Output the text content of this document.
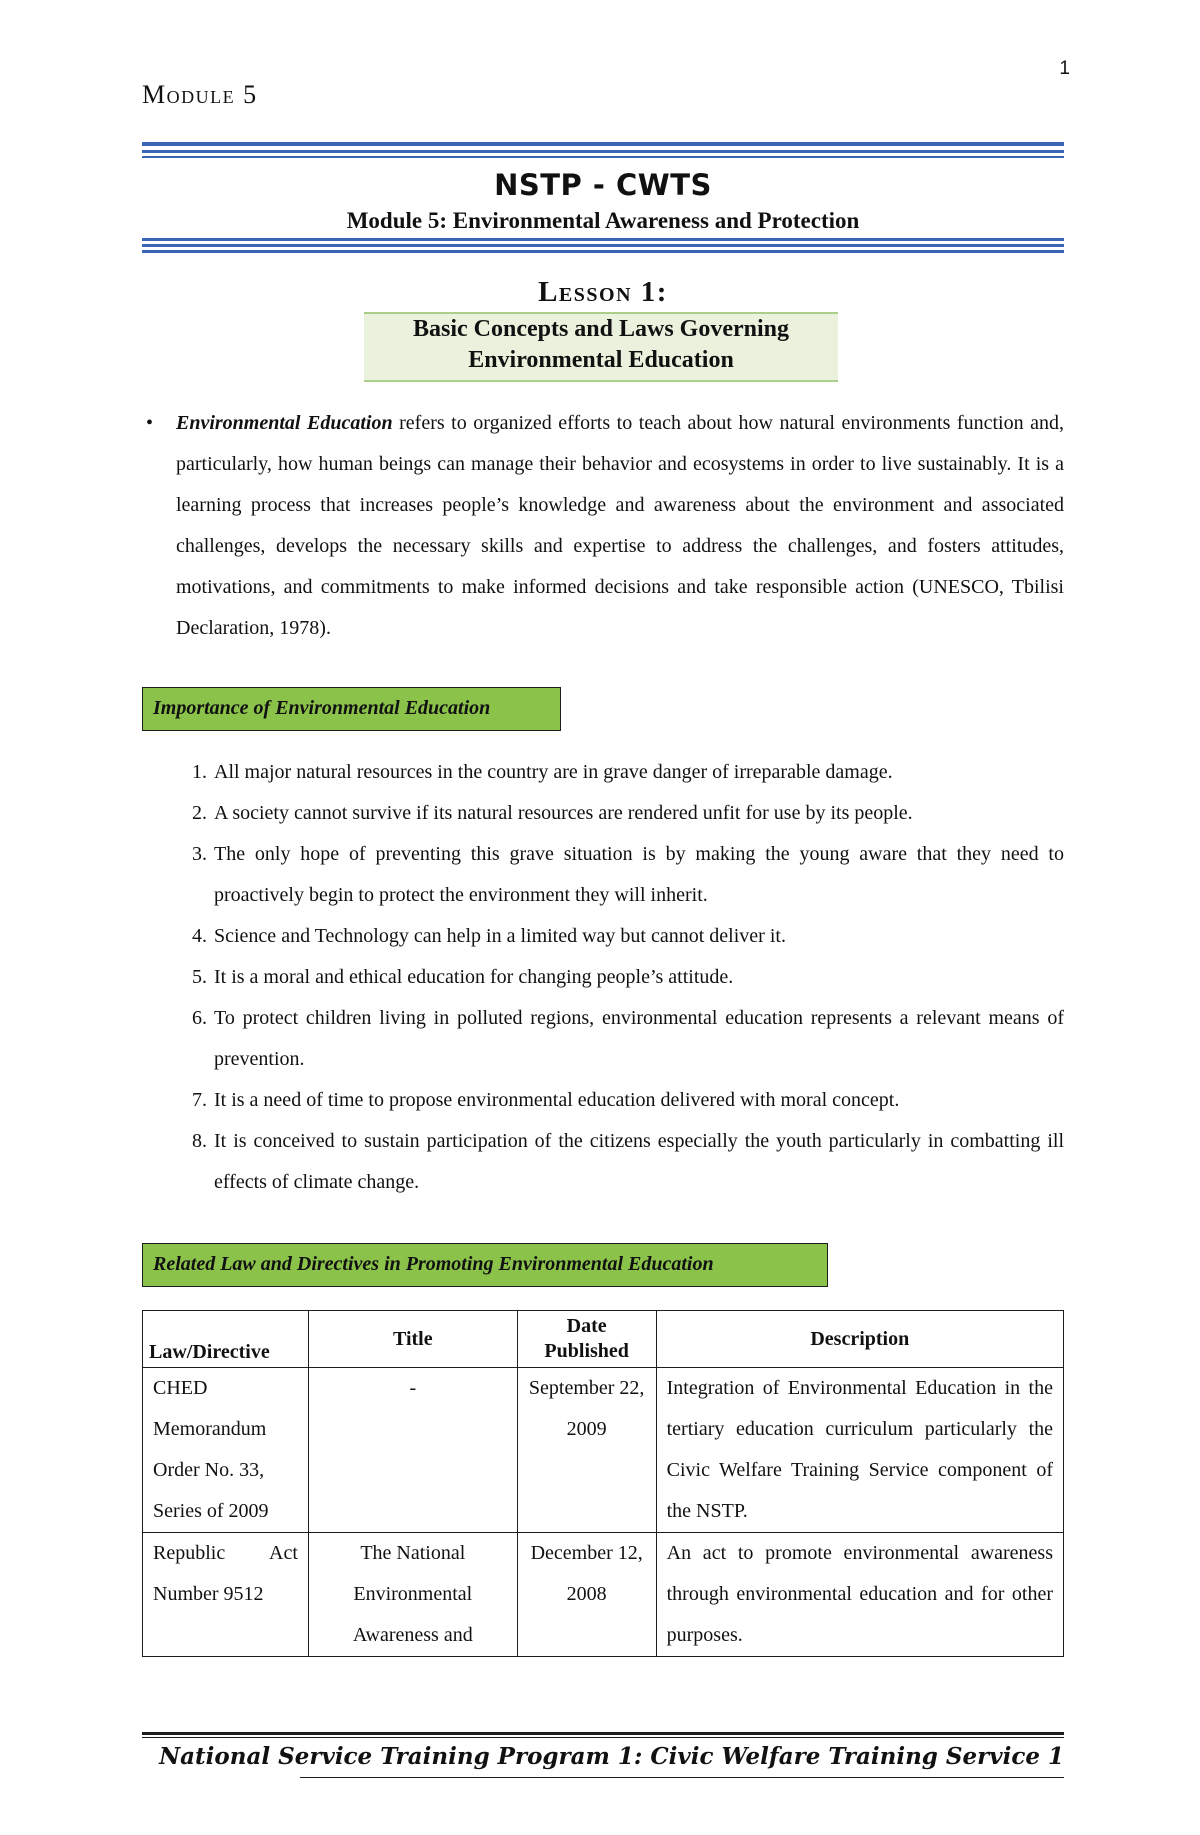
1
Module 5
NSTP - CWTS
Module 5: Environmental Awareness and Protection
Lesson 1:
Basic Concepts and Laws Governing
Environmental Education
• Environmental Education refers to organized efforts to teach about how natural environments function and, particularly, how human beings can manage their behavior and ecosystems in order to live sustainably. It is a learning process that increases people’s knowledge and awareness about the environment and associated challenges, develops the necessary skills and expertise to address the challenges, and fosters attitudes, motivations, and commitments to make informed decisions and take responsible action (UNESCO, Tbilisi Declaration, 1978).
Importance of Environmental Education
1. All major natural resources in the country are in grave danger of irreparable damage.
2. A society cannot survive if its natural resources are rendered unfit for use by its people.
3. The only hope of preventing this grave situation is by making the young aware that they need to proactively begin to protect the environment they will inherit.
4. Science and Technology can help in a limited way but cannot deliver it.
5. It is a moral and ethical education for changing people’s attitude.
6. To protect children living in polluted regions, environmental education represents a relevant means of prevention.
7. It is a need of time to propose environmental education delivered with moral concept.
8. It is conceived to sustain participation of the citizens especially the youth particularly in combatting ill effects of climate change.
Related Law and Directives in Promoting Environmental Education
Law/Directive	Title	Date Published	Description
CHED Memorandum Order No. 33, Series of 2009	-	September 22, 2009	Integration of Environmental Education in the tertiary education curriculum particularly the Civic Welfare Training Service component of the NSTP.
Republic Act Number 9512	The National Environmental Awareness and	December 12, 2008	An act to promote environmental awareness through environmental education and for other purposes.
National Service Training Program 1: Civic Welfare Training Service 1
